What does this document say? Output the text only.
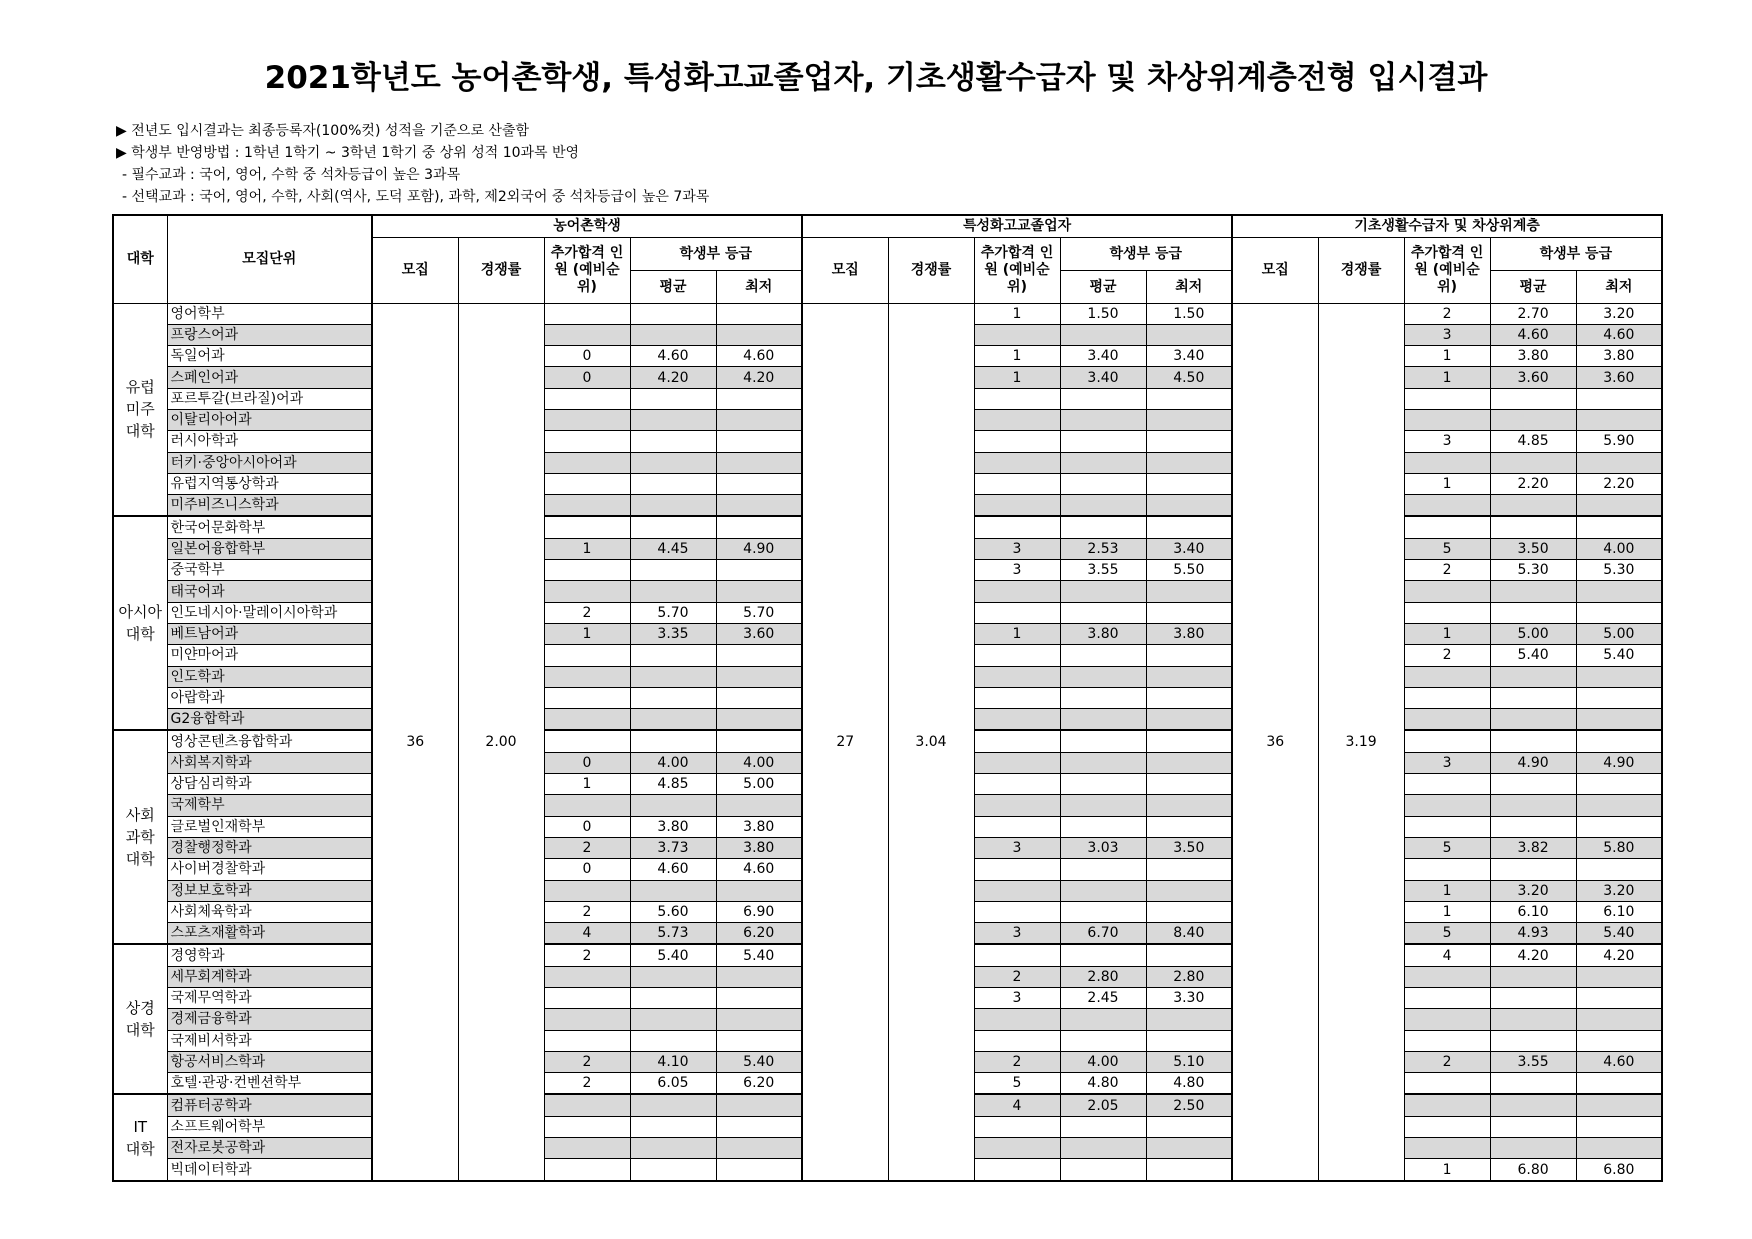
2021학년도 농어촌학생, 특성화고교졸업자, 기초생활수급자 및 차상위계층전형 입시결과
▶ 전년도 입시결과는 최종등록자(100%컷) 성적을 기준으로 산출함
▶ 학생부 반영방법 : 1학년 1학기 ~ 3학년 1학기 중 상위 성적 10과목 반영
- 필수교과 : 국어, 영어, 수학 중 석차등급이 높은 3과목
- 선택교과 : 국어, 영어, 수학, 사회(역사, 도덕 포함), 과학, 제2외국어 중 석차등급이 높은 7과목
대학	모집단위	농어촌학생					특성화고교졸업자					기초생활수급자 및 차상위계층				
		모집	경쟁률	추가합격 인원 (예비순위)	학생부 등급		모집	경쟁률	추가합격 인원 (예비순위)	학생부 등급		모집	경쟁률	추가합격 인원 (예비순위)	학생부 등급	
					평균	최저				평균	최저				평균	최저
유럽
미주
대학	영어학부	36	2.00				27	3.04	1	1.50	1.50	36	3.19	2	2.70	3.20
	프랑스어과													3	4.60	4.60
	독일어과			0	4.60	4.60			1	3.40	3.40			1	3.80	3.80
	스페인어과			0	4.20	4.20			1	3.40	4.50			1	3.60	3.60
	포르투갈(브라질)어과															
	이탈리아어과															
	러시아학과													3	4.85	5.90
	터키·중앙아시아어과															
	유럽지역통상학과													1	2.20	2.20
	미주비즈니스학과															
아시아
대학	한국어문화학부															
	일본어융합학부			1	4.45	4.90			3	2.53	3.40			5	3.50	4.00
	중국학부								3	3.55	5.50			2	5.30	5.30
	태국어과															
	인도네시아·말레이시아학과			2	5.70	5.70										
	베트남어과			1	3.35	3.60			1	3.80	3.80			1	5.00	5.00
	미얀마어과													2	5.40	5.40
	인도학과															
	아랍학과															
	G2융합학과															
사회
과학
대학	영상콘텐츠융합학과															
	사회복지학과			0	4.00	4.00								3	4.90	4.90
	상담심리학과			1	4.85	5.00										
	국제학부															
	글로벌인재학부			0	3.80	3.80										
	경찰행정학과			2	3.73	3.80			3	3.03	3.50			5	3.82	5.80
	사이버경찰학과			0	4.60	4.60										
	정보보호학과													1	3.20	3.20
	사회체육학과			2	5.60	6.90								1	6.10	6.10
	스포츠재활학과			4	5.73	6.20			3	6.70	8.40			5	4.93	5.40
상경
대학	경영학과			2	5.40	5.40								4	4.20	4.20
	세무회계학과								2	2.80	2.80					
	국제무역학과								3	2.45	3.30					
	경제금융학과															
	국제비서학과															
	항공서비스학과			2	4.10	5.40			2	4.00	5.10			2	3.55	4.60
	호텔·관광·컨벤션학부			2	6.05	6.20			5	4.80	4.80					
IT
대학	컴퓨터공학과								4	2.05	2.50					
	소프트웨어학부															
	전자로봇공학과															
	빅데이터학과													1	6.80	6.80
